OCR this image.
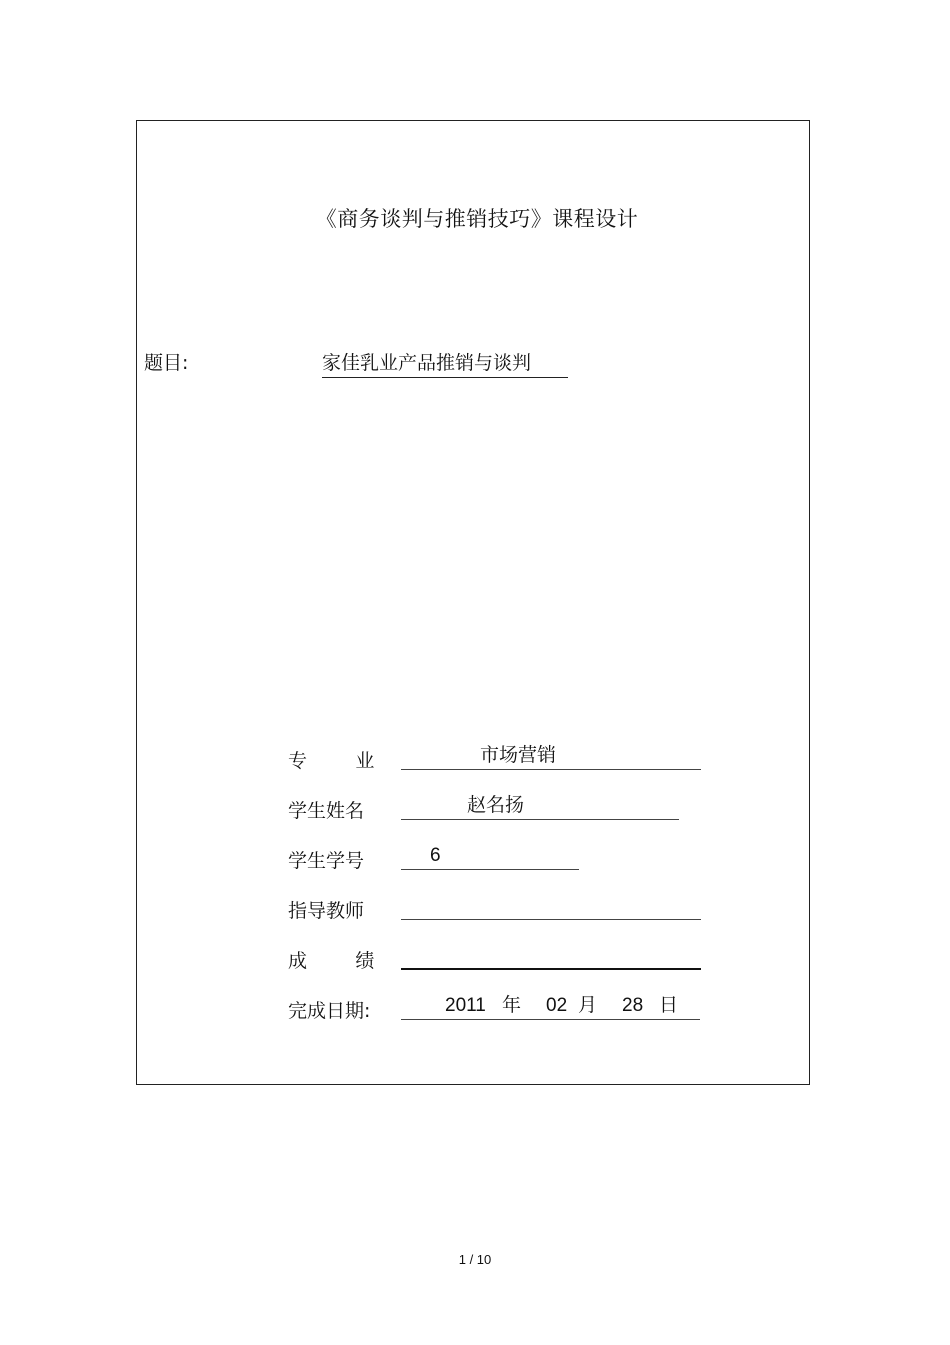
《商务谈判与推销技巧》课程设计
题目:	家佳乳业产品推销与谈判
专        业	市场营销
学生姓名	赵名扬
学生学号	6
指导教师
成        绩
完成日期:	2011 年 02 月 28 日
1 / 10
